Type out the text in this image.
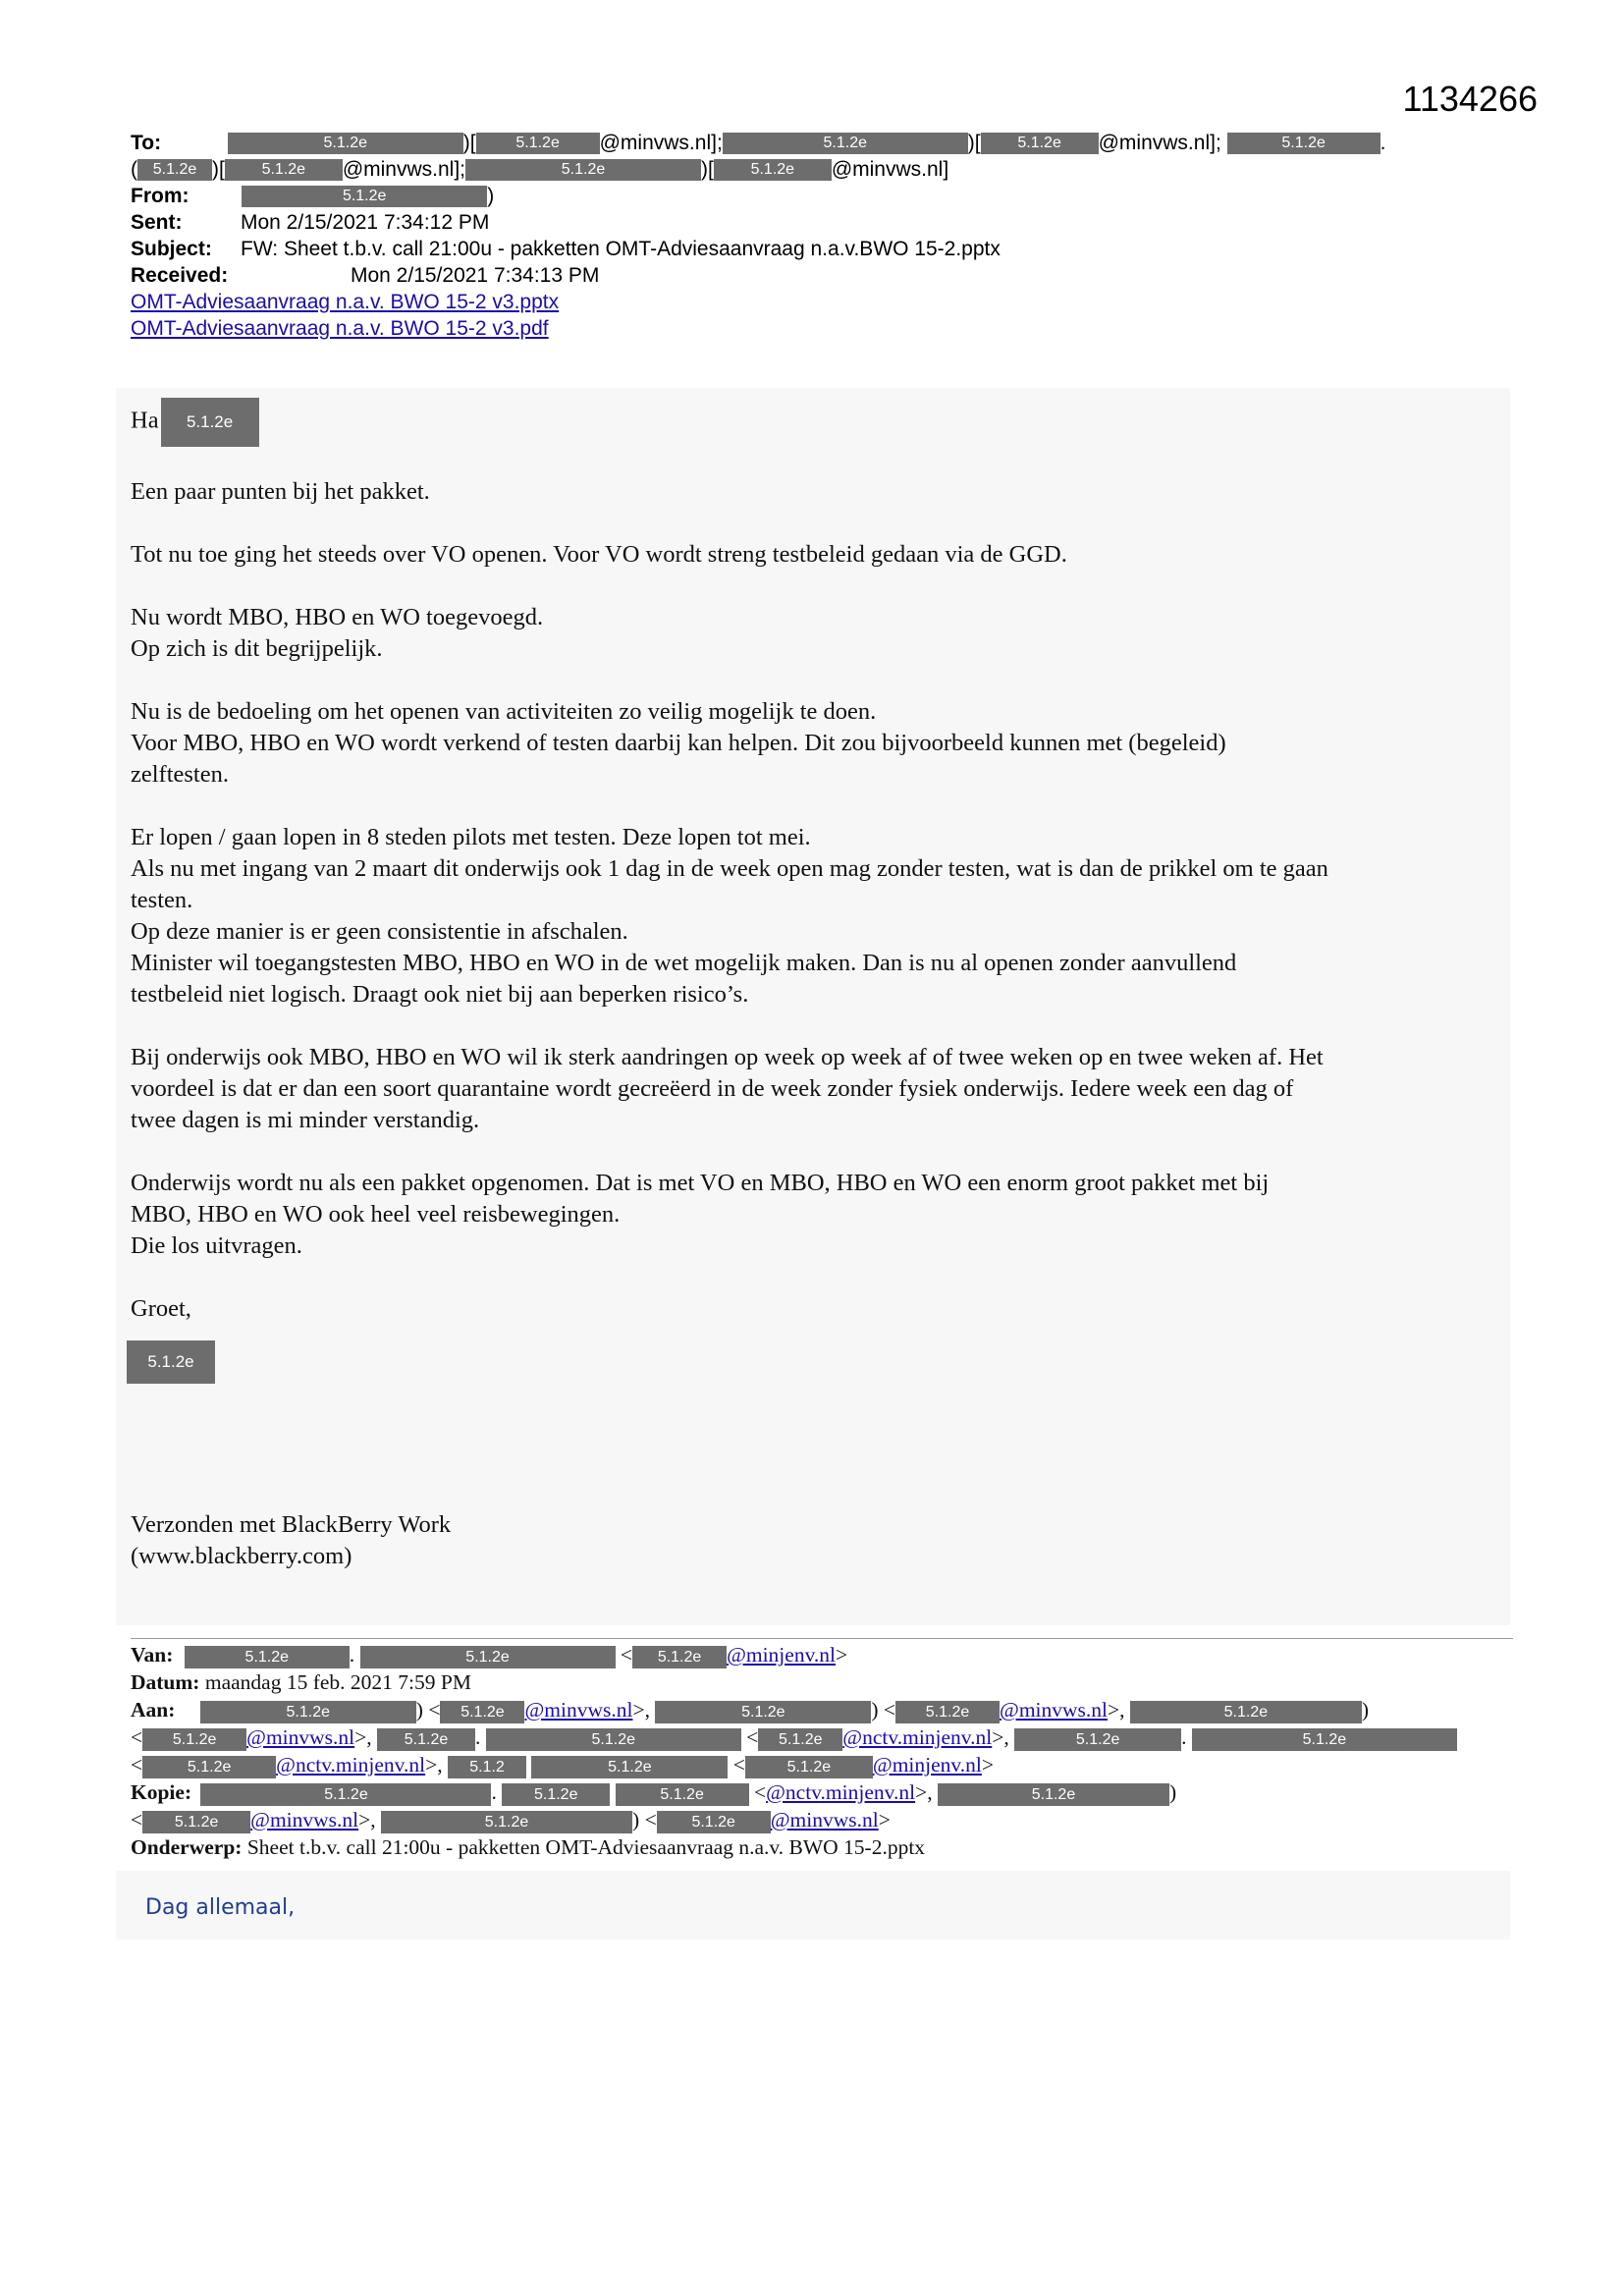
1134266
To:	5.1.2e	)[	5.1.2e @minvws.nl];	5.1.2e	)[ 5.1.2e @minvws.nl];	5.1.2e	.
( 5.1.2e )[ 5.1.2e @minvws.nl];	5.1.2e	)[ 5.1.2e @minvws.nl]
From:	5.1.2e	)
Sent:	Mon 2/15/2021 7:34:12 PM
Subject: FW: Sheet t.b.v. call 21:00u - pakketten OMT-Adviesaanvraag n.a.v.BWO 15-2.pptx
Received:	Mon 2/15/2021 7:34:13 PM
OMT-Adviesaanvraag n.a.v. BWO 15-2 v3.pptx
OMT-Adviesaanvraag n.a.v. BWO 15-2 v3.pdf

Ha 5.1.2e

Een paar punten bij het pakket.

Tot nu toe ging het steeds over VO openen. Voor VO wordt streng testbeleid gedaan via de GGD.

Nu wordt MBO, HBO en WO toegevoegd.

Op zich is dit begrijpelijk.

Nu is de bedoeling om het openen van activiteiten zo veilig mogelijk te doen.

Voor MBO, HBO en WO wordt verkend of testen daarbij kan helpen. Dit zou bijvoorbeeld kunnen met (begeleid)

zelftesten.

Er lopen / gaan lopen in 8 steden pilots met testen. Deze lopen tot mei.

Als nu met ingang van 2 maart dit onderwijs ook 1 dag in de week open mag zonder testen, wat is dan de prikkel om te gaan

testen.

Op deze manier is er geen consistentie in afschalen.

Minister wil toegangstesten MBO, HBO en WO in de wet mogelijk maken. Dan is nu al openen zonder aanvullend

testbeleid niet logisch. Draagt ook niet bij aan beperken risico’s.

Bij onderwijs ook MBO, HBO en WO wil ik sterk aandringen op week op week af of twee weken op en twee weken af. Het

voordeel is dat er dan een soort quarantaine wordt gecreëerd in de week zonder fysiek onderwijs. Iedere week een dag of

twee dagen is mi minder verstandig.

Onderwijs wordt nu als een pakket opgenomen. Dat is met VO en MBO, HBO en WO een enorm groot pakket met bij

MBO, HBO en WO ook heel veel reisbewegingen.

Die los uitvragen.

Groet,

5.1.2e

Verzonden met BlackBerry Work

(www.blackberry.com)

Van:	5.1.2e	.	5.1.2e	< 5.1.2e @minjenv.nl>
Datum: maandag 15 feb. 2021 7:59 PM
Aan:	5.1.2e	) < 5.1.2e @minvws.nl>,	5.1.2e	) < 5.1.2e @minvws.nl>,	5.1.2e	)
< 5.1.2e @minvws.nl>, 5.1.2e .	5.1.2e	< 5.1.2e @nctv.minjenv.nl>,	5.1.2e	.	5.1.2e
<	5.1.2e @nctv.minjenv.nl>, 5.1.2	5.1.2e	<	5.1.2e @minjenv.nl>
Kopie:	5.1.2e	. 5.1.2e	5.1.2e <@nctv.minjenv.nl>,	5.1.2e	)
< 5.1.2e @minvws.nl>,	5.1.2e	) < 5.1.2e @minvws.nl>
Onderwerp: Sheet t.b.v. call 21:00u - pakketten OMT-Adviesaanvraag n.a.v. BWO 15-2.pptx
Dag allemaal,
